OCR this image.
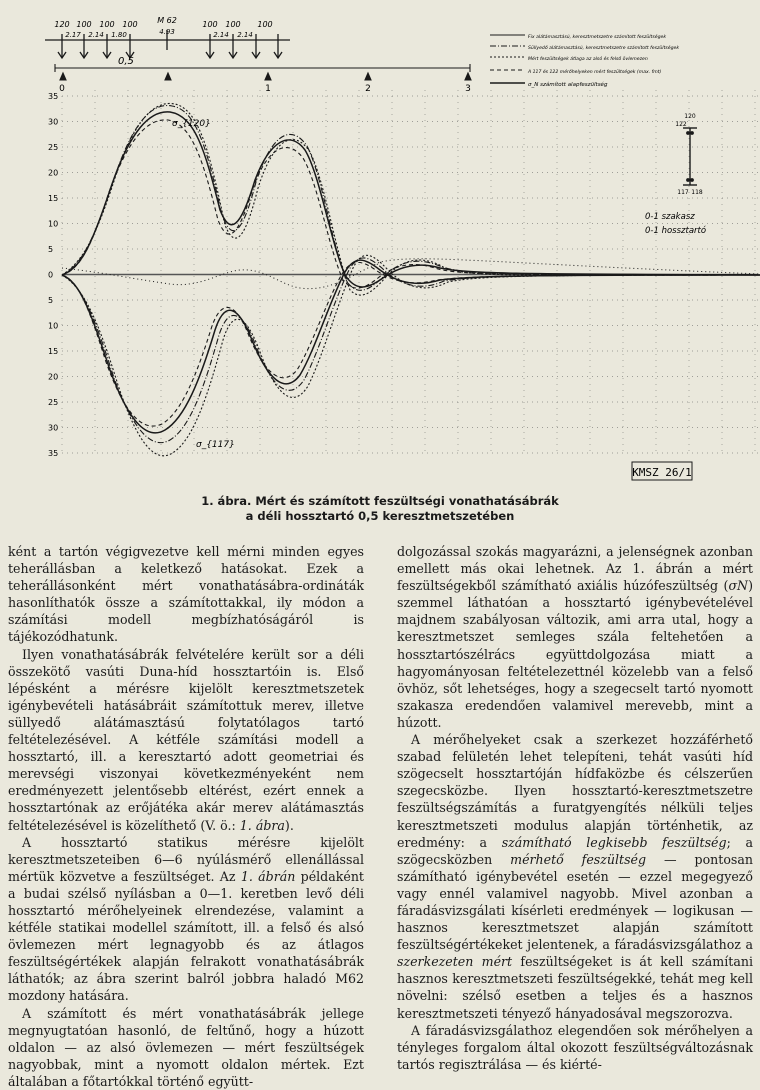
35
30
25
20
15
10
5
0
5
10
15
20
25
30
35
120 100 100 100 M 62	100 100 100
2.17 2.14 1.80	4.93	2.14 2.14
0,5
0	1	2	3
Fix alátámasztású, keresztmetszetre számított feszültségek
Süllyedő alátámasztású, keresztmetszetre számított feszültségek
Mért feszültségek átlaga az alsó és felső övlemezen
A 117 és 122 mérőhelyeken mért feszültségek (max. fmt)
σ_N számított alapfeszültség
120
122
117 118
0-1 szakasz
0-1 hossztartó
σ_{120}
σ_{117}
KMSZ 26/1
1. ábra. Mért és számított feszültségi vonathatásábrák
a déli hossztartó 0,5 keresztmetszetében

ként a tartón végigvezetve kell mérni minden egyes teherállásban a keletkező hatásokat. Ezek a teherállásonként mért vonathatásábra-ordináták hasonlíthatók össze a számítottakkal, ily módon a számítási modell megbízhatóságáról is tájékozódhatunk.

Ilyen vonathatásábrák felvételére került sor a déli összekötő vasúti Duna-híd hossztartóin is. Első lépésként a mérésre kijelölt keresztmetszetek igénybevételi hatásábráit számítottuk merev, illetve süllyedő alátámasztású folytatólagos tartó feltételezésével. A kétféle számítási modell a hossztartó, ill. a keresztartó adott geometriai és merevségi viszonyai következményeként nem eredményezett jelentősebb eltérést, ezért ennek a hossztartónak az erőjátéka akár merev alátámasztás feltételezésével is közelíthető (V. ö.: 1. ábra).

A hossztartó statikus mérésre kijelölt keresztmetszeteiben 6—6 nyúlásmérő ellenállással mértük közvetve a feszültséget. Az 1. ábrán példaként a budai szélső nyílásban a 0—1. keretben levő déli hossztartó mérőhelyeinek elrendezése, valamint a kétféle statikai modellel számított, ill. a felső és alsó övlemezen mért legnagyobb és az átlagos feszültségértékek alapján felrakott vonathatásábrák láthatók; az ábra szerint balról jobbra haladó M62 mozdony hatására.

A számított és mért vonathatásábrák jellege megnyugtatóan hasonló, de feltűnő, hogy a húzott oldalon — az alsó övlemezen — mért feszültségek nagyobbak, mint a nyomott oldalon mértek. Ezt általában a főtartókkal történő együtt-

dolgozással szokás magyarázni, a jelenségnek azonban emellett más okai lehetnek. Az 1. ábrán a mért feszültségekből számítható axiális húzófeszültség (σN) szemmel láthatóan a hossztartó igénybevételével majdnem szabályosan változik, ami arra utal, hogy a keresztmetszet semleges szála feltehetően a hossztartószélrács együttdolgozása miatt a hagyományosan feltételezettnél közelebb van a felső övhöz, sőt lehetséges, hogy a szegecselt tartó nyomott szakasza eredendően valamivel merevebb, mint a húzott.

A mérőhelyeket csak a szerkezet hozzáférhető szabad felületén lehet telepíteni, tehát vasúti híd szögecselt hossztartóján hídfaközbe és célszerűen szegecsközbe. Ilyen hossztartó-keresztmetszetre feszültségszámítás a furatgyengítés nélküli teljes keresztmetszeti modulus alapján történhetik, az eredmény: a számítható legkisebb feszültség; a szögecsközben mérhető feszültség — pontosan számítható igénybevétel esetén — ezzel megegyező vagy ennél valamivel nagyobb. Mivel azonban a fáradásvizsgálati kísérleti eredmények — logikusan — hasznos keresztmetszet alapján számított feszültségértékeket jelentenek, a fáradásvizsgálathoz a szerkezeten mért feszültségeket is át kell számítani hasznos keresztmetszeti feszültségekké, tehát meg kell növelni: szélső esetben a teljes és a hasznos keresztmetszeti tényező hányadosával megszorozva.

A fáradásvizsgálathoz elegendően sok mérőhelyen a tényleges forgalom által okozott feszültségváltozásnak tartós regisztrálása — és kiérté-
